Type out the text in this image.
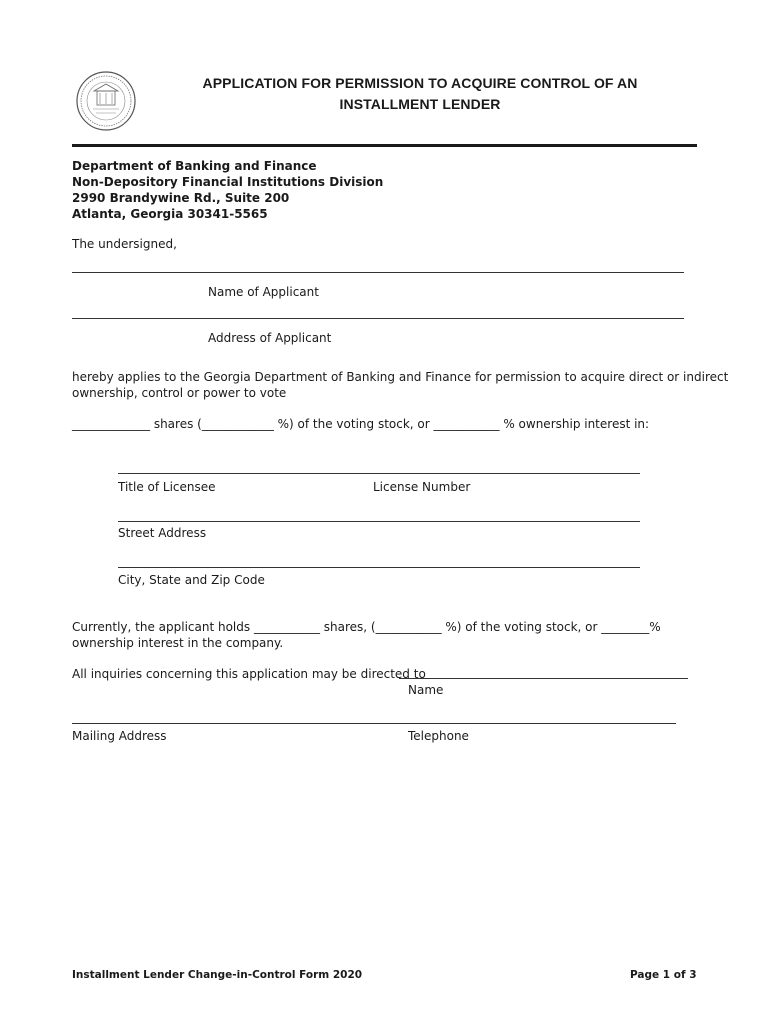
APPLICATION FOR PERMISSION TO ACQUIRE CONTROL OF AN
INSTALLMENT LENDER
Department of Banking and Finance
Non-Depository Financial Institutions Division
2990 Brandywine Rd., Suite 200
Atlanta, Georgia 30341-5565
The undersigned,
Name of Applicant
Address of Applicant
hereby applies to the Georgia Department of Banking and Finance for permission to acquire direct or indirect
ownership, control or power to vote
_____________ shares (____________ %) of the voting stock, or ___________ % ownership interest in:
Title of Licensee	License Number
Street Address
City, State and Zip Code
Currently, the applicant holds ___________ shares, (___________ %) of the voting stock, or ________%
ownership interest in the company.
All inquiries concerning this application may be directed to
Name
Mailing Address	Telephone
Installment Lender Change-in-Control Form 2020	Page 1 of 3
